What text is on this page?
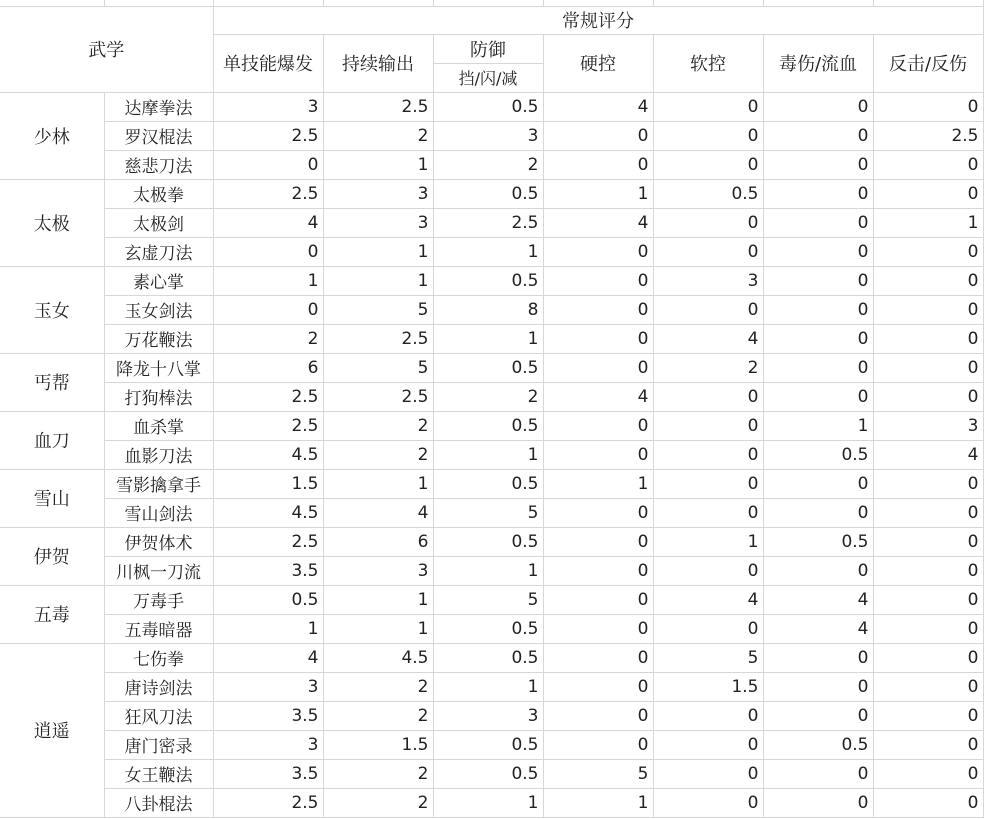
武学		常规评分						
		单技能爆发	持续输出	防御	硬控	软控	毒伤/流血	反击/反伤
				挡/闪/减				
少林	达摩拳法	3	2.5	0.5	4	0	0	0
	罗汉棍法	2.5	2	3	0	0	0	2.5
	慈悲刀法	0	1	2	0	0	0	0
太极	太极拳	2.5	3	0.5	1	0.5	0	0
	太极剑	4	3	2.5	4	0	0	1
	玄虚刀法	0	1	1	0	0	0	0
玉女	素心掌	1	1	0.5	0	3	0	0
	玉女剑法	0	5	8	0	0	0	0
	万花鞭法	2	2.5	1	0	4	0	0
丐帮	降龙十八掌	6	5	0.5	0	2	0	0
	打狗棒法	2.5	2.5	2	4	0	0	0
血刀	血杀掌	2.5	2	0.5	0	0	1	3
	血影刀法	4.5	2	1	0	0	0.5	4
雪山	雪影擒拿手	1.5	1	0.5	1	0	0	0
	雪山剑法	4.5	4	5	0	0	0	0
伊贺	伊贺体术	2.5	6	0.5	0	1	0.5	0
	川枫一刀流	3.5	3	1	0	0	0	0
五毒	万毒手	0.5	1	5	0	4	4	0
	五毒暗器	1	1	0.5	0	0	4	0
逍遥	七伤拳	4	4.5	0.5	0	5	0	0
	唐诗剑法	3	2	1	0	1.5	0	0
	狂风刀法	3.5	2	3	0	0	0	0
	唐门密录	3	1.5	0.5	0	0	0.5	0
	女王鞭法	3.5	2	0.5	5	0	0	0
	八卦棍法	2.5	2	1	1	0	0	0
